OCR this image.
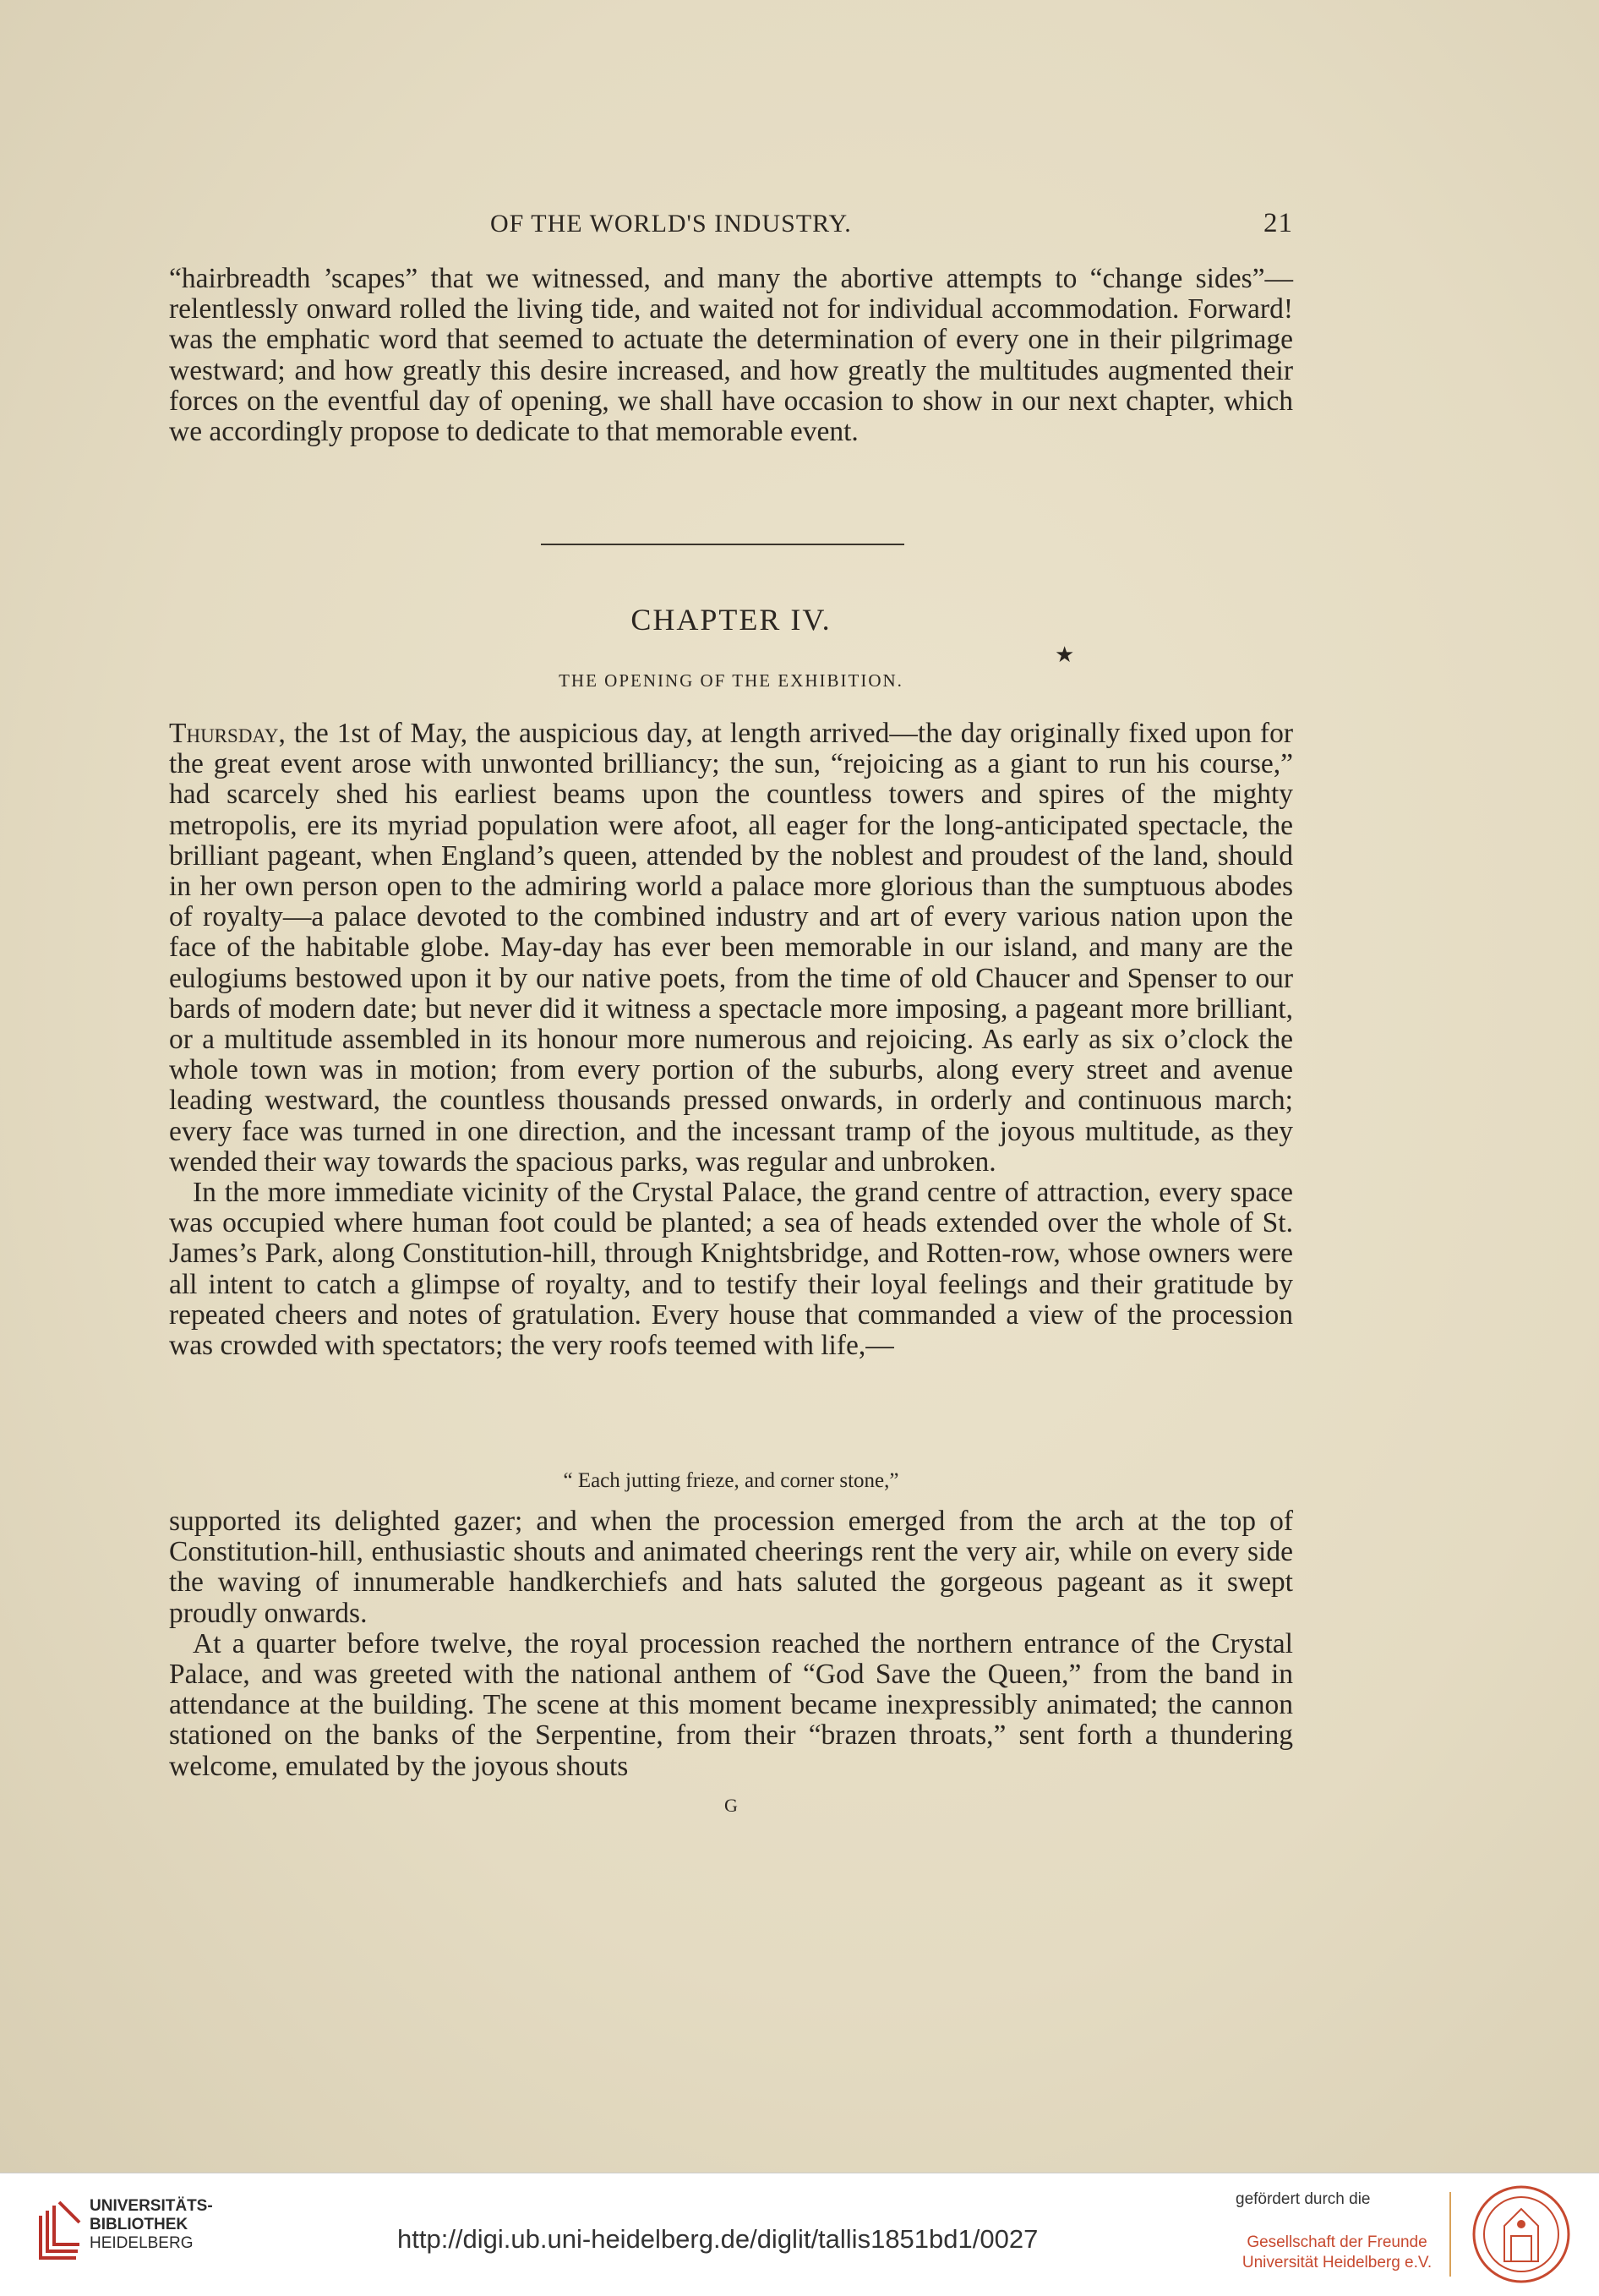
OF THE WORLD'S INDUSTRY.	21

“hairbreadth ’scapes” that we witnessed, and many the abortive attempts to “change sides”—relentlessly onward rolled the living tide, and waited not for individual accommodation. Forward! was the emphatic word that seemed to actuate the determination of every one in their pilgrimage westward; and how greatly this desire increased, and how greatly the multitudes augmented their forces on the eventful day of opening, we shall have occasion to show in our next chapter, which we accordingly propose to dedicate to that memorable event.

CHAPTER IV.
★
THE OPENING OF THE EXHIBITION.

Thursday, the 1st of May, the auspicious day, at length arrived—the day originally fixed upon for the great event arose with unwonted brilliancy; the sun, “rejoicing as a giant to run his course,” had scarcely shed his earliest beams upon the countless towers and spires of the mighty metropolis, ere its myriad population were afoot, all eager for the long-anticipated spectacle, the brilliant pageant, when England’s queen, attended by the noblest and proudest of the land, should in her own person open to the admiring world a palace more glorious than the sumptuous abodes of royalty—a palace devoted to the combined industry and art of every various nation upon the face of the habitable globe. May-day has ever been memorable in our island, and many are the eulogiums bestowed upon it by our native poets, from the time of old Chaucer and Spenser to our bards of modern date; but never did it witness a spectacle more imposing, a pageant more brilliant, or a multitude assembled in its honour more numerous and rejoicing. As early as six o’clock the whole town was in motion; from every portion of the suburbs, along every street and avenue leading westward, the countless thousands pressed onwards, in orderly and continuous march; every face was turned in one direction, and the incessant tramp of the joyous multitude, as they wended their way towards the spacious parks, was regular and unbroken.

In the more immediate vicinity of the Crystal Palace, the grand centre of attraction, every space was occupied where human foot could be planted; a sea of heads extended over the whole of St. James’s Park, along Constitution-hill, through Knightsbridge, and Rotten-row, whose owners were all intent to catch a glimpse of royalty, and to testify their loyal feelings and their gratitude by repeated cheers and notes of gratulation. Every house that commanded a view of the procession was crowded with spectators; the very roofs teemed with life,—

“ Each jutting frieze, and corner stone,”

supported its delighted gazer; and when the procession emerged from the arch at the top of Constitution-hill, enthusiastic shouts and animated cheerings rent the very air, while on every side the waving of innumerable handkerchiefs and hats saluted the gorgeous pageant as it swept proudly onwards.

At a quarter before twelve, the royal procession reached the northern entrance of the Crystal Palace, and was greeted with the national anthem of “God Save the Queen,” from the band in attendance at the building. The scene at this moment became inexpressibly animated; the cannon stationed on the banks of the Serpentine, from their “brazen throats,” sent forth a thundering welcome, emulated by the joyous shouts

G
UNIVERSITÄTS-
BIBLIOTHEK
HEIDELBERG	http://digi.ub.uni-heidelberg.de/diglit/tallis1851bd1/0027
gefördert durch die
Gesellschaft der Freunde
Universität Heidelberg e.V.
